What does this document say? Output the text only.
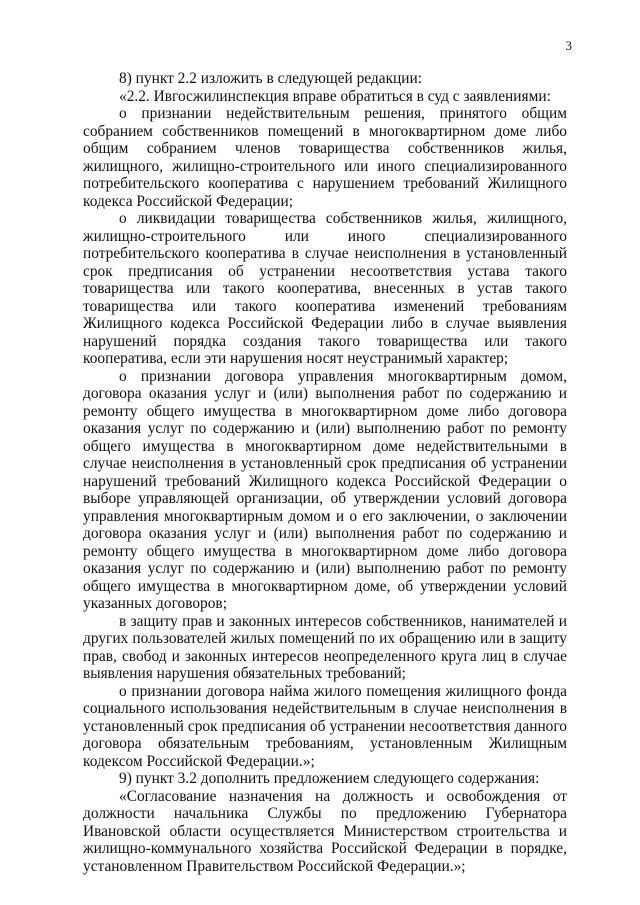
3

8) пункт 2.2 изложить в следующей редакции:

«2.2. Ивгосжилинспекция вправе обратиться в суд с заявлениями:

о признании недействительным решения, принятого общим собранием собственников помещений в многоквартирном доме либо общим собранием членов товарищества собственников жилья, жилищного, жилищно-строительного или иного специализированного потребительского кооператива с нарушением требований Жилищного кодекса Российской Федерации;

о ликвидации товарищества собственников жилья, жилищного, жилищно-строительного или иного специализированного потребительского кооператива в случае неисполнения в установленный срок предписания об устранении несоответствия устава такого товарищества или такого кооператива, внесенных в устав такого товарищества или такого кооператива изменений требованиям Жилищного кодекса Российской Федерации либо в случае выявления нарушений порядка создания такого товарищества или такого кооператива, если эти нарушения носят неустранимый характер;

о признании договора управления многоквартирным домом, договора оказания услуг и (или) выполнения работ по содержанию и ремонту общего имущества в многоквартирном доме либо договора оказания услуг по содержанию и (или) выполнению работ по ремонту общего имущества в многоквартирном доме недействительными в случае неисполнения в установленный срок предписания об устранении нарушений требований Жилищного кодекса Российской Федерации о выборе управляющей организации, об утверждении условий договора управления многоквартирным домом и о его заключении, о заключении договора оказания услуг и (или) выполнения работ по содержанию и ремонту общего имущества в многоквартирном доме либо договора оказания услуг по содержанию и (или) выполнению работ по ремонту общего имущества в многоквартирном доме, об утверждении условий указанных договоров;

в защиту прав и законных интересов собственников, нанимателей и других пользователей жилых помещений по их обращению или в защиту прав, свобод и законных интересов неопределенного круга лиц в случае выявления нарушения обязательных требований;

о признании договора найма жилого помещения жилищного фонда социального использования недействительным в случае неисполнения в установленный срок предписания об устранении несоответствия данного договора обязательным требованиям, установленным Жилищным кодексом Российской Федерации.»;

9) пункт 3.2 дополнить предложением следующего содержания:

«Согласование назначения на должность и освобождения от должности начальника Службы по предложению Губернатора Ивановской области осуществляется Министерством строительства и жилищно-коммунального хозяйства Российской Федерации в порядке, установленном Правительством Российской Федерации.»;
